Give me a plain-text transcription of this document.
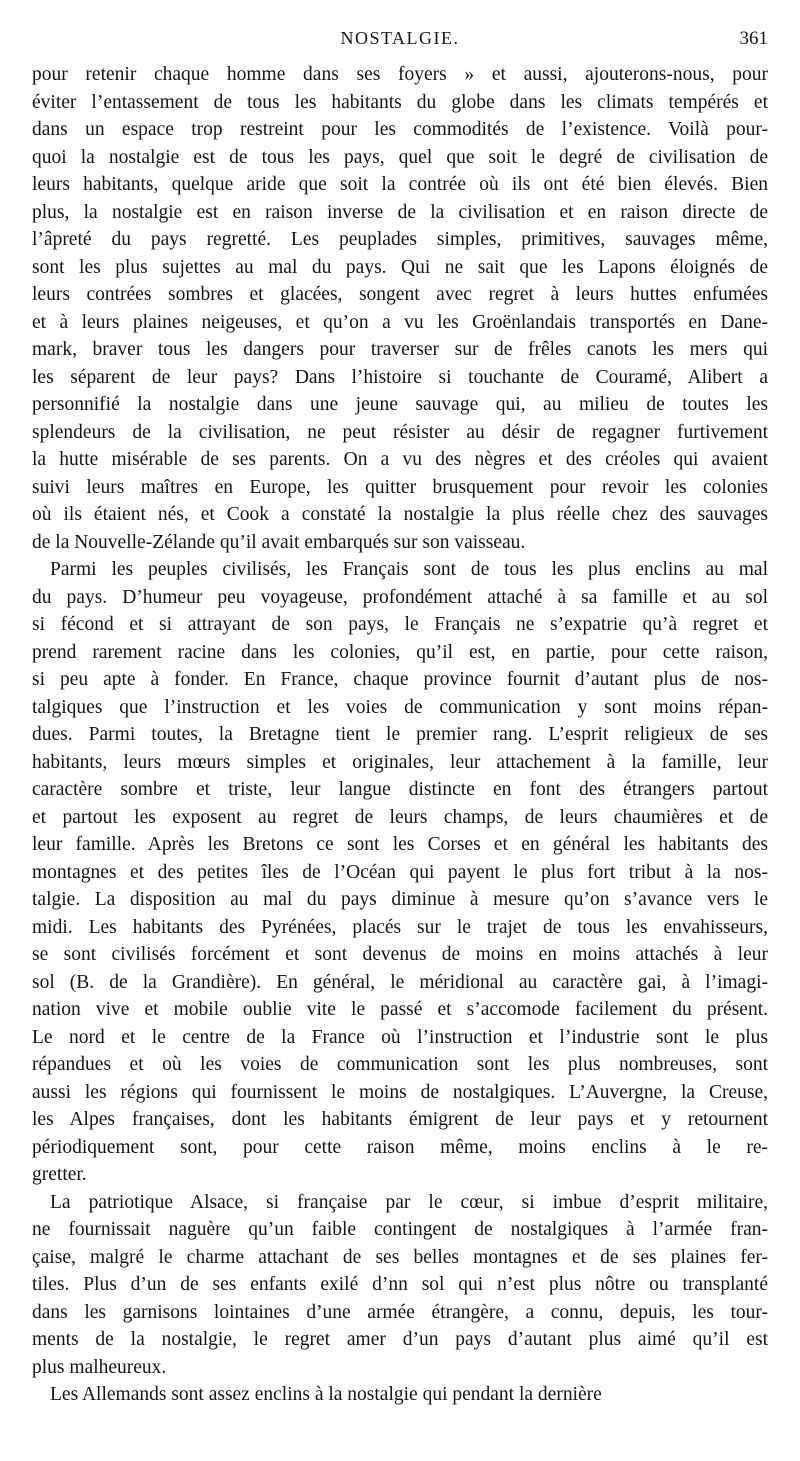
NOSTALGIE.	361
pour retenir chaque homme dans ses foyers » et aussi, ajouterons-nous, pour
éviter l’entassement de tous les habitants du globe dans les climats tempérés et
dans un espace trop restreint pour les commodités de l’existence. Voilà pour-
quoi la nostalgie est de tous les pays, quel que soit le degré de civilisation de
leurs habitants, quelque aride que soit la contrée où ils ont été bien élevés. Bien
plus, la nostalgie est en raison inverse de la civilisation et en raison directe de
l’âpreté du pays regretté. Les peuplades simples, primitives, sauvages même,
sont les plus sujettes au mal du pays. Qui ne sait que les Lapons éloignés de
leurs contrées sombres et glacées, songent avec regret à leurs huttes enfumées
et à leurs plaines neigeuses, et qu’on a vu les Groënlandais transportés en Dane-
mark, braver tous les dangers pour traverser sur de frêles canots les mers qui
les séparent de leur pays? Dans l’histoire si touchante de Couramé, Alibert a
personnifié la nostalgie dans une jeune sauvage qui, au milieu de toutes les
splendeurs de la civilisation, ne peut résister au désir de regagner furtivement
la hutte misérable de ses parents. On a vu des nègres et des créoles qui avaient
suivi leurs maîtres en Europe, les quitter brusquement pour revoir les colonies
où ils étaient nés, et Cook a constaté la nostalgie la plus réelle chez des sauvages
de la Nouvelle-Zélande qu’il avait embarqués sur son vaisseau.
Parmi les peuples civilisés, les Français sont de tous les plus enclins au mal
du pays. D’humeur peu voyageuse, profondément attaché à sa famille et au sol
si fécond et si attrayant de son pays, le Français ne s’expatrie qu’à regret et
prend rarement racine dans les colonies, qu’il est, en partie, pour cette raison,
si peu apte à fonder. En France, chaque province fournit d’autant plus de nos-
talgiques que l’instruction et les voies de communication y sont moins répan-
dues. Parmi toutes, la Bretagne tient le premier rang. L’esprit religieux de ses
habitants, leurs mœurs simples et originales, leur attachement à la famille, leur
caractère sombre et triste, leur langue distincte en font des étrangers partout
et partout les exposent au regret de leurs champs, de leurs chaumières et de
leur famille. Après les Bretons ce sont les Corses et en général les habitants des
montagnes et des petites îles de l’Océan qui payent le plus fort tribut à la nos-
talgie. La disposition au mal du pays diminue à mesure qu’on s’avance vers le
midi. Les habitants des Pyrénées, placés sur le trajet de tous les envahisseurs,
se sont civilisés forcément et sont devenus de moins en moins attachés à leur
sol (B. de la Grandière). En général, le méridional au caractère gai, à l’imagi-
nation vive et mobile oublie vite le passé et s’accomode facilement du présent.
Le nord et le centre de la France où l’instruction et l’industrie sont le plus
répandues et où les voies de communication sont les plus nombreuses, sont
aussi les régions qui fournissent le moins de nostalgiques. L’Auvergne, la Creuse,
les Alpes françaises, dont les habitants émigrent de leur pays et y retournent
périodiquement sont, pour cette raison même, moins enclins à le re-
gretter.
La patriotique Alsace, si française par le cœur, si imbue d’esprit militaire,
ne fournissait naguère qu’un faible contingent de nostalgiques à l’armée fran-
çaise, malgré le charme attachant de ses belles montagnes et de ses plaines fer-
tiles. Plus d’un de ses enfants exilé d’nn sol qui n’est plus nôtre ou transplanté
dans les garnisons lointaines d’une armée étrangère, a connu, depuis, les tour-
ments de la nostalgie, le regret amer d’un pays d’autant plus aimé qu’il est
plus malheureux.
Les Allemands sont assez enclins à la nostalgie qui pendant la dernière
